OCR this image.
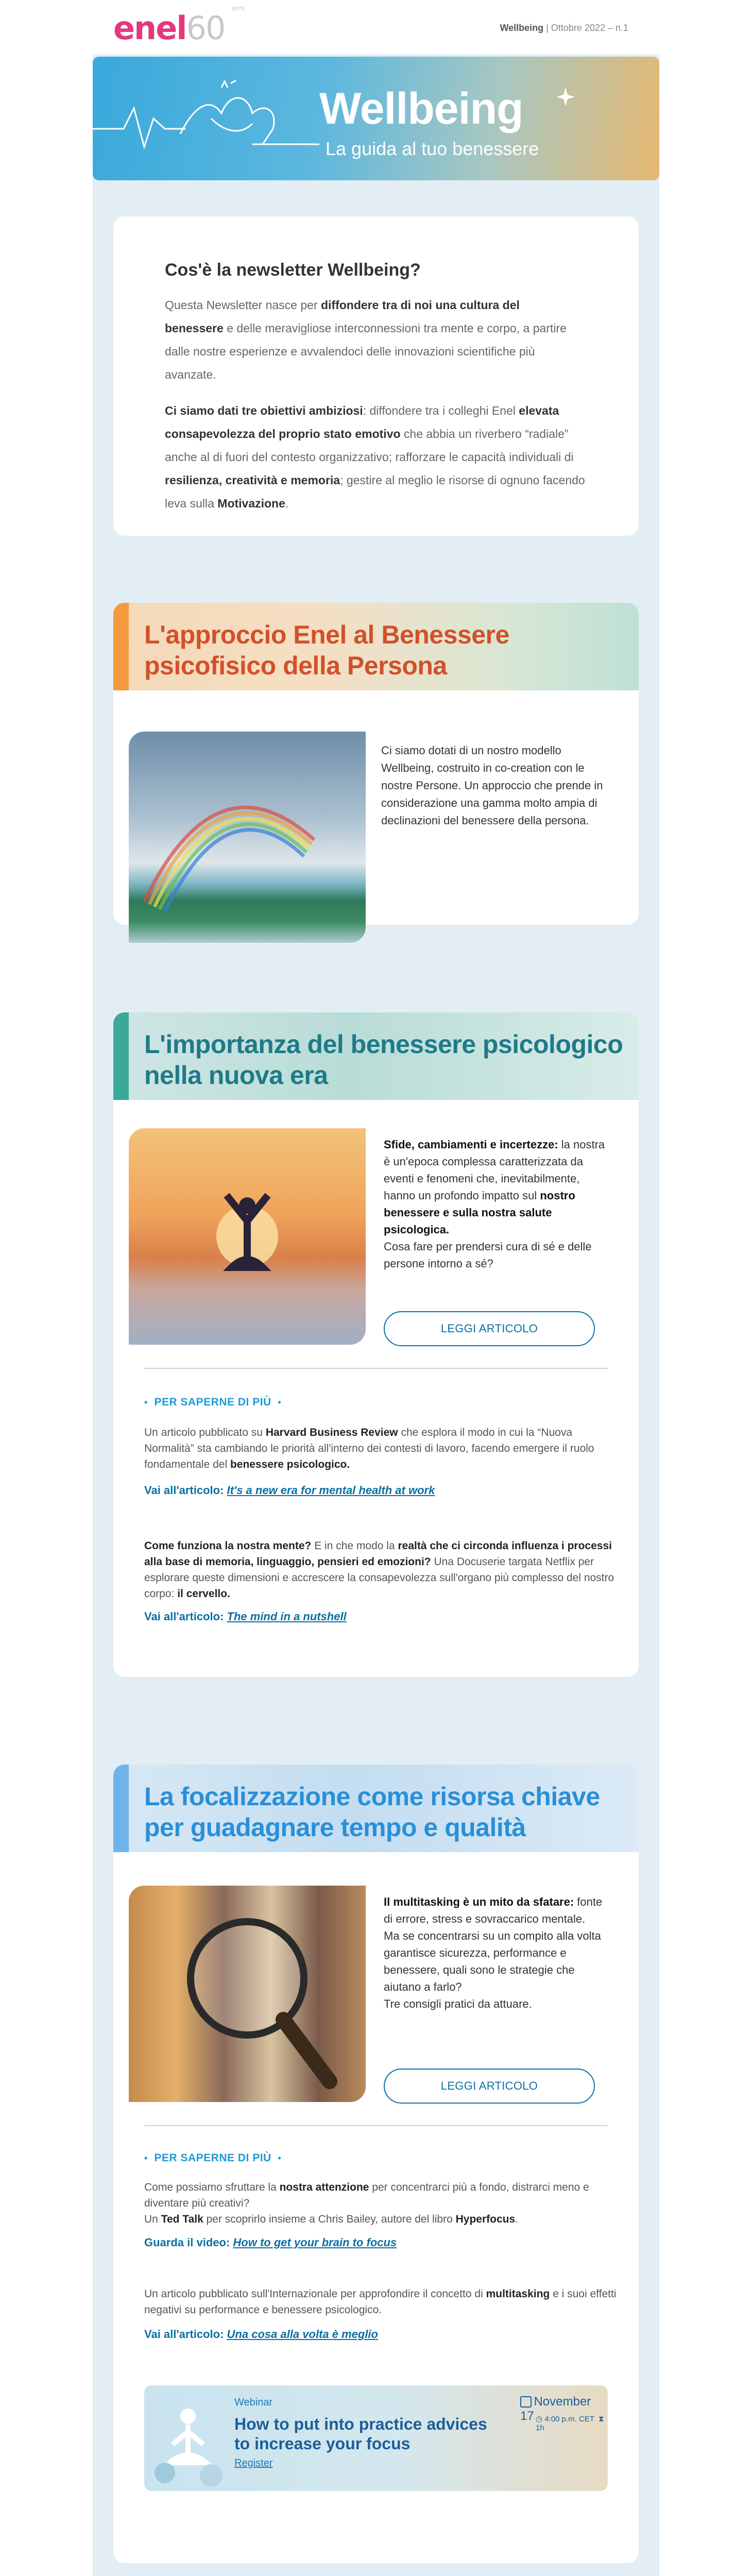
enel60
anni
Wellbeing | Ottobre 2022 – n.1
Wellbeing
La guida al tuo benessere
Cos'è la newsletter Wellbeing?
Questa Newsletter nasce per diffondere tra di noi una cultura del benessere e delle meravigliose interconnessioni tra mente e corpo, a partire dalle nostre esperienze e avvalendoci delle innovazioni scientifiche più avanzate.
Ci siamo dati tre obiettivi ambiziosi: diffondere tra i colleghi Enel elevata consapevolezza del proprio stato emotivo che abbia un riverbero “radiale” anche al di fuori del contesto organizzativo; rafforzare le capacità individuali di resilienza, creatività e memoria; gestire al meglio le risorse di ognuno facendo leva sulla Motivazione.
L'approccio Enel al Benessere psicofisico della Persona
Ci siamo dotati di un nostro modello Wellbeing, costruito in co-creation con le nostre Persone. Un approccio che prende in considerazione una gamma molto ampia di declinazioni del benessere della persona.
L'importanza del benessere psicologico nella nuova era
Sfide, cambiamenti e incertezze: la nostra è un'epoca complessa caratterizzata da eventi e fenomeni che, inevitabilmente, hanno un profondo impatto sul nostro benessere e sulla nostra salute psicologica.
Cosa fare per prendersi cura di sé e delle persone intorno a sé?
LEGGI ARTICOLO
• PER SAPERNE DI PIÙ •
Un articolo pubblicato su Harvard Business Review che esplora il modo in cui la “Nuova Normalità” sta cambiando le priorità all'interno dei contesti di lavoro, facendo emergere il ruolo fondamentale del benessere psicologico.
Vai all'articolo: It's a new era for mental health at work
Come funziona la nostra mente? E in che modo la realtà che ci circonda influenza i processi alla base di memoria, linguaggio, pensieri ed emozioni? Una Docuserie targata Netflix per esplorare queste dimensioni e accrescere la consapevolezza sull'organo più complesso del nostro corpo: il cervello.
Vai all'articolo: The mind in a nutshell
La focalizzazione come risorsa chiave per guadagnare tempo e qualità
Il multitasking è un mito da sfatare: fonte di errore, stress e sovraccarico mentale.
Ma se concentrarsi su un compito alla volta garantisce sicurezza, performance e benessere, quali sono le strategie che aiutano a farlo?
Tre consigli pratici da attuare.
LEGGI ARTICOLO
• PER SAPERNE DI PIÙ •
Come possiamo sfruttare la nostra attenzione per concentrarci più a fondo, distrarci meno e diventare più creativi?
Un Ted Talk per scoprirlo insieme a Chris Bailey, autore del libro Hyperfocus.
Guarda il video: How to get your brain to focus
Un articolo pubblicato sull'Internazionale per approfondire il concetto di multitasking e i suoi effetti negativi su performance e benessere psicologico.
Vai all'articolo: Una cosa alla volta è meglio
Webinar
How to put into practice advices
to increase your focus
Register
November 17 ◷ 4:00 p.m. CET ⧗ 1h
